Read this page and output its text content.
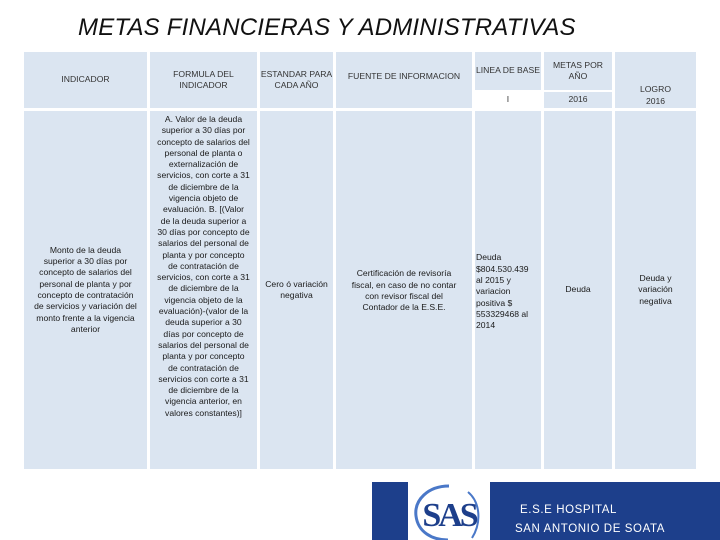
METAS FINANCIERAS Y ADMINISTRATIVAS
INDICADOR
FORMULA DEL
INDICADOR
ESTANDAR PARA
CADA AÑO
FUENTE DE INFORMACION
LINEA DE BASE
I
METAS POR
AÑO
2016
LOGRO
2016
Monto de la deuda
superior a 30 días por
concepto de salarios del
personal de planta y por
concepto de contratación
de servicios y variación del
monto frente a la vigencia
anterior
A. Valor de la deuda
superior a 30 días por
concepto de salarios del
personal de planta o
externalización de
servicios, con corte a 31
de diciembre de la
vigencia objeto de
evaluación. B. [(Valor
de la deuda superior a
30 días por concepto de
salarios del personal de
planta y por concepto
de contratación de
servicios, con corte a 31
de diciembre de la
vigencia objeto de la
evaluación)-(valor de la
deuda superior a 30
días por concepto de
salarios del personal de
planta y por concepto
de contratación de
servicios con corte a 31
de diciembre de la
vigencia anterior, en
valores constantes)]
Cero ó variación
negativa
Certificación de revisoría
fiscal, en caso de no contar
con revisor fiscal del
Contador de la E.S.E.
Deuda
$804.530.439
al 2015 y
variacion
positiva $
553329468 al
2014
Deuda
Deuda y
variación
negativa
SAS	E.S.E HOSPITAL
SAN ANTONIO DE SOATA
